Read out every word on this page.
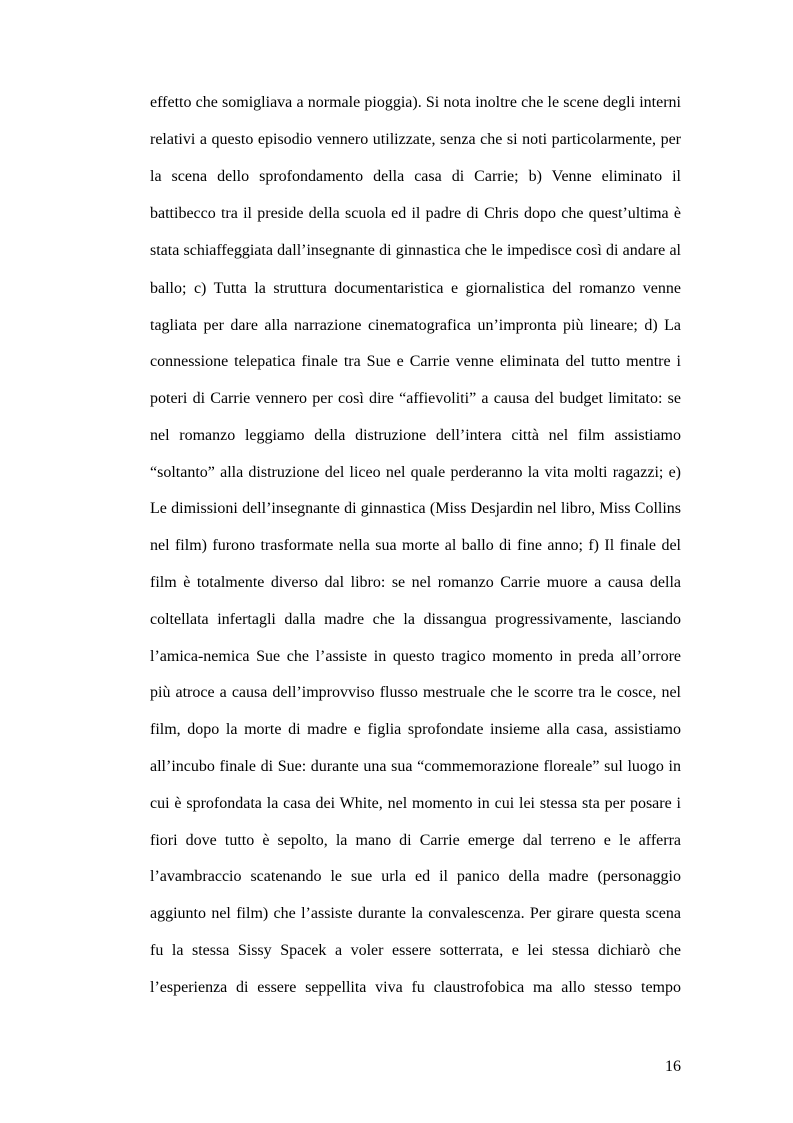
effetto che somigliava a normale pioggia). Si nota inoltre che le scene degli interni
relativi a questo episodio vennero utilizzate, senza che si noti particolarmente, per
la scena dello sprofondamento della casa di Carrie; b) Venne eliminato il
battibecco tra il preside della scuola ed il padre di Chris dopo che quest’ultima è
stata schiaffeggiata dall’insegnante di ginnastica che le impedisce così di andare al
ballo; c) Tutta la struttura documentaristica e giornalistica del romanzo venne
tagliata per dare alla narrazione cinematografica un’impronta più lineare; d) La
connessione telepatica finale tra Sue e Carrie venne eliminata del tutto mentre i
poteri di Carrie vennero per così dire “affievoliti” a causa del budget limitato: se
nel romanzo leggiamo della distruzione dell’intera città nel film assistiamo
“soltanto” alla distruzione del liceo nel quale perderanno la vita molti ragazzi; e)
Le dimissioni dell’insegnante di ginnastica (Miss Desjardin nel libro, Miss Collins
nel film) furono trasformate nella sua morte al ballo di fine anno; f) Il finale del
film è totalmente diverso dal libro: se nel romanzo Carrie muore a causa della
coltellata infertagli dalla madre che la dissangua progressivamente, lasciando
l’amica-nemica Sue che l’assiste in questo tragico momento in preda all’orrore
più atroce a causa dell’improvviso flusso mestruale che le scorre tra le cosce, nel
film, dopo la morte di madre e figlia sprofondate insieme alla casa, assistiamo
all’incubo finale di Sue: durante una sua “commemorazione floreale” sul luogo in
cui è sprofondata la casa dei White, nel momento in cui lei stessa sta per posare i
fiori dove tutto è sepolto, la mano di Carrie emerge dal terreno e le afferra
l’avambraccio scatenando le sue urla ed il panico della madre (personaggio
aggiunto nel film) che l’assiste durante la convalescenza. Per girare questa scena
fu la stessa Sissy Spacek a voler essere sotterrata, e lei stessa dichiarò che
l’esperienza di essere seppellita viva fu claustrofobica ma allo stesso tempo
16
